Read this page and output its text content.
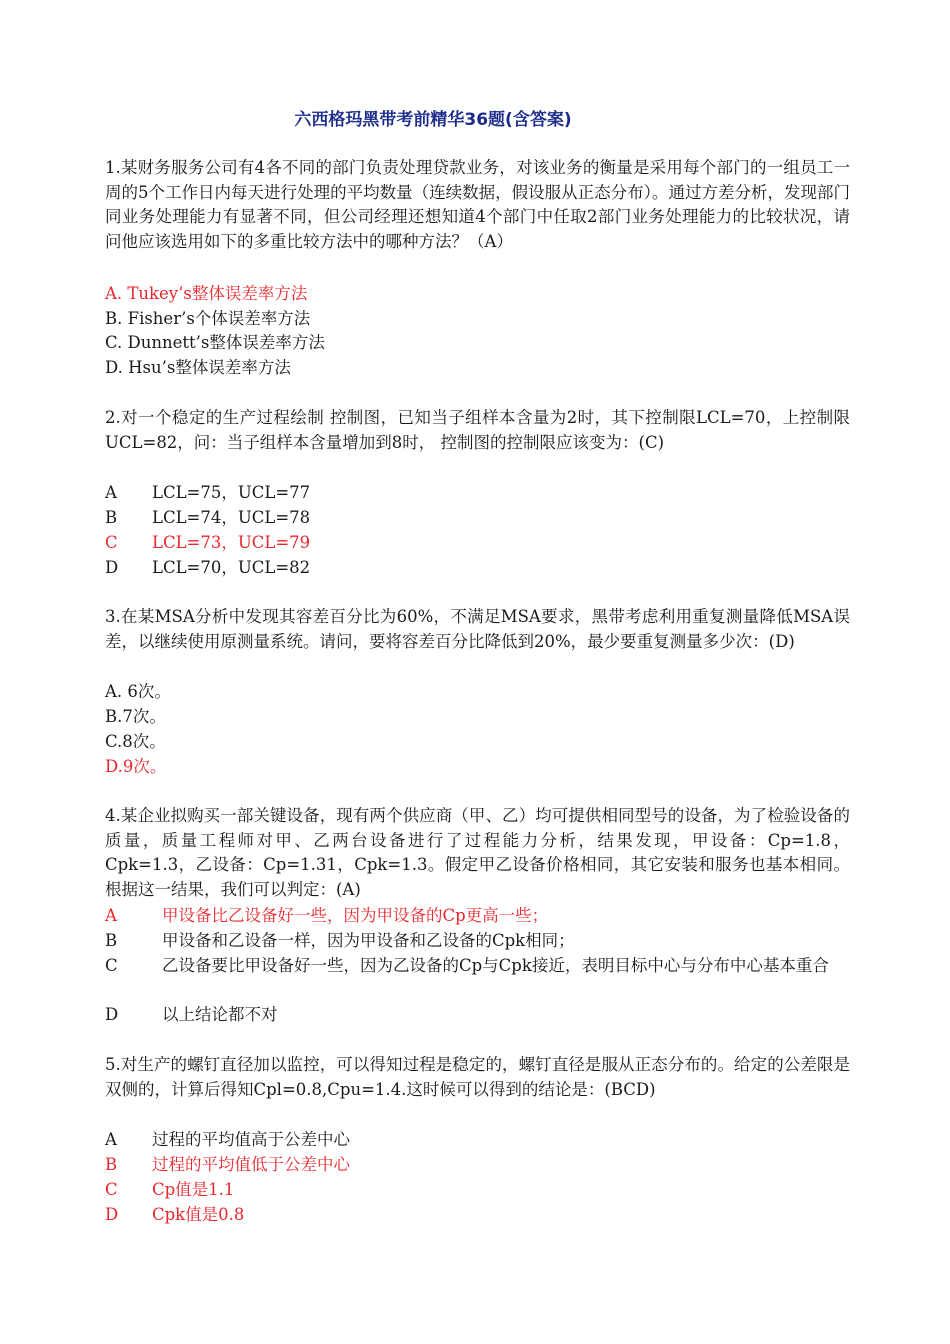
六西格玛黑带考前精华36题(含答案)
1.某财务服务公司有4各不同的部门负责处理贷款业务，对该业务的衡量是采用每个部门的一组员工一周的5个工作日内每天进行处理的平均数量（连续数据，假设服从正态分布）。通过方差分析，发现部门同业务处理能力有显著不同，但公司经理还想知道4个部门中任取2部门业务处理能力的比较状况，请问他应该选用如下的多重比较方法中的哪种方法？（A）
A. Tukey’s整体误差率方法
B. Fisher’s个体误差率方法
C. Dunnett’s整体误差率方法
D. Hsu’s整体误差率方法
2.对一个稳定的生产过程绘制 控制图，已知当子组样本含量为2时，其下控制限LCL=70，上控制限UCL=82，问：当子组样本含量增加到8时， 控制图的控制限应该变为：(C)
A LCL=75，UCL=77
B LCL=74，UCL=78
C LCL=73，UCL=79
D LCL=70，UCL=82
3.在某MSA分析中发现其容差百分比为60%，不满足MSA要求，黑带考虑利用重复测量降低MSA误差，以继续使用原测量系统。请问，要将容差百分比降低到20%，最少要重复测量多少次：(D)
A. 6次。
B.7次。
C.8次。
D.9次。
4.某企业拟购买一部关键设备，现有两个供应商（甲、乙）均可提供相同型号的设备，为了检验设备的质量，质量工程师对甲、乙两台设备进行了过程能力分析，结果发现，甲设备：Cp=1.8，Cpk=1.3，乙设备：Cp=1.31，Cpk=1.3。假定甲乙设备价格相同，其它安装和服务也基本相同。根据这一结果，我们可以判定：(A)
A	甲设备比乙设备好一些，因为甲设备的Cp更高一些；
B	甲设备和乙设备一样，因为甲设备和乙设备的Cpk相同；
C	乙设备要比甲设备好一些，因为乙设备的Cp与Cpk接近，表明目标中心与分布中心基本重合
D	以上结论都不对
5.对生产的螺钉直径加以监控，可以得知过程是稳定的，螺钉直径是服从正态分布的。给定的公差限是双侧的，计算后得知Cpl=0.8,Cpu=1.4.这时候可以得到的结论是：(BCD)
A 过程的平均值高于公差中心
B 过程的平均值低于公差中心
C Cp值是1.1
D Cpk值是0.8
